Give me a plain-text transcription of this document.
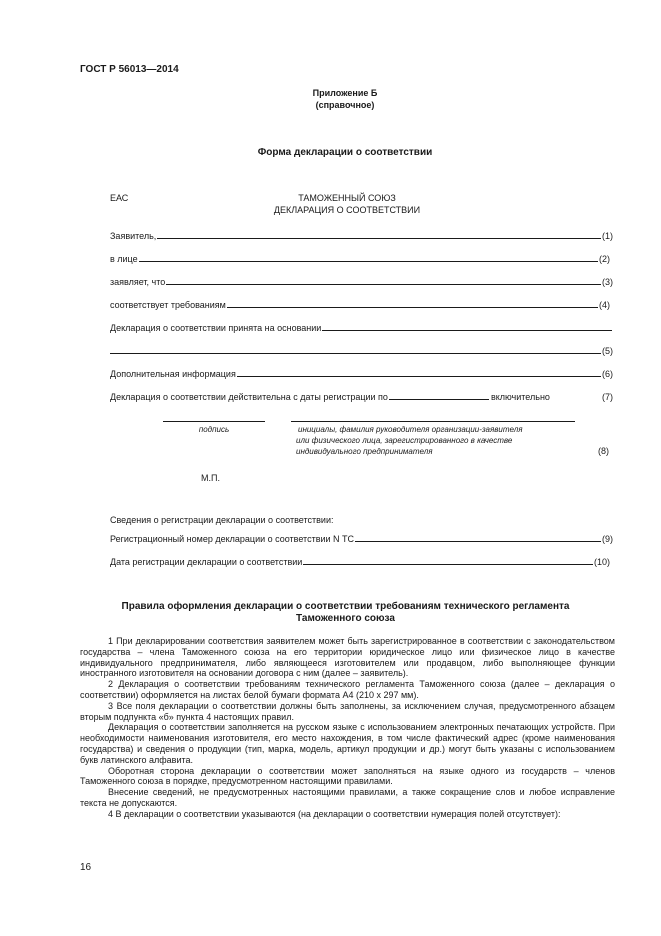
ГОСТ Р 56013—2014
Приложение Б
(справочное)
Форма декларации о соответствии
ЕАС	ТАМОЖЕННЫЙ СОЮЗ
ДЕКЛАРАЦИЯ О СООТВЕТСТВИИ
Заявитель,	(1)
в лице	(2)
заявляет, что	(3)
соответствует требованиям	(4)
Декларация о соответствии принята на основании
(5)
Дополнительная информация	(6)
Декларация о соответствии действительна с даты регистрации по	включительно	(7)
подпись	инициалы, фамилия руководителя организации-заявителя
или физического лица, зарегистрированного в качестве
индивидуального предпринимателя	(8)
М.П.
Сведения о регистрации декларации о соответствии:
Регистрационный номер декларации о соответствии N ТС	(9)
Дата регистрации декларации о соответствии	(10)
Правила оформления декларации о соответствии требованиям технического регламента
Таможенного союза

1 При декларировании соответствия заявителем может быть зарегистрированное в соответствии с законодательством государства – члена Таможенного союза на его территории юридическое лицо или физическое лицо в качестве индивидуального предпринимателя, либо являющееся изготовителем или продавцом, либо выполняющее функции иностранного изготовителя на основании договора с ним (далее – заявитель).

2 Декларация о соответствии требованиям технического регламента Таможенного союза (далее – декларация о соответствии) оформляется на листах белой бумаги формата А4 (210 х 297 мм).

3 Все поля декларации о соответствии должны быть заполнены, за исключением случая, предусмотренного абзацем вторым подпункта «б» пункта 4 настоящих правил.

Декларация о соответствии заполняется на русском языке с использованием электронных печатающих устройств. При необходимости наименования изготовителя, его место нахождения, в том числе фактический адрес (кроме наименования государства) и сведения о продукции (тип, марка, модель, артикул продукции и др.) могут быть указаны с использованием букв латинского алфавита.

Оборотная сторона декларации о соответствии может заполняться на языке одного из государств – членов Таможенного союза в порядке, предусмотренном настоящими правилами.

Внесение сведений, не предусмотренных настоящими правилами, а также сокращение слов и любое исправление текста не допускаются.

4 В декларации о соответствии указываются (на декларации о соответствии нумерация полей отсутствует):

16
